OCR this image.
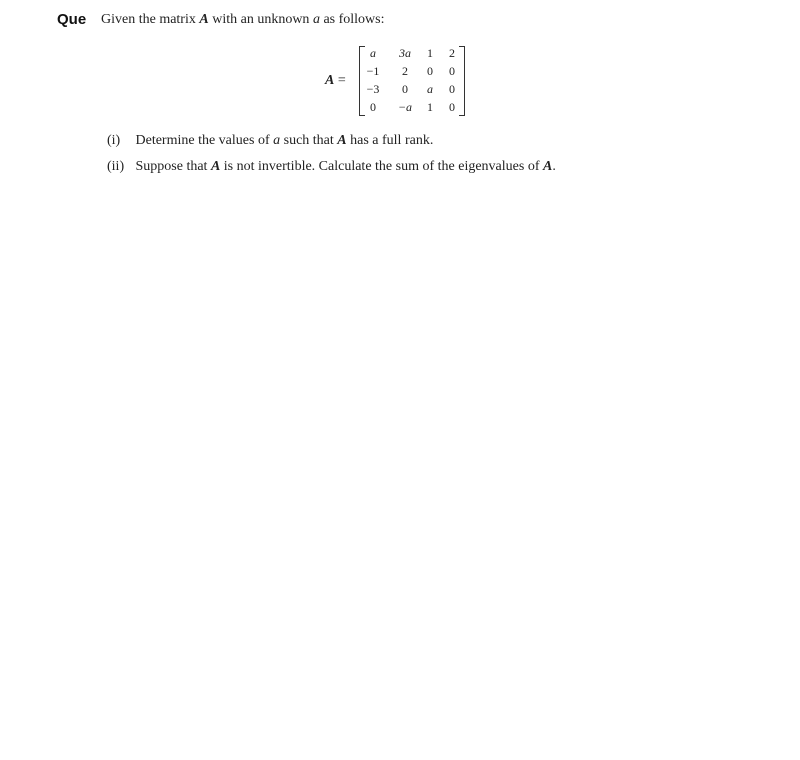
Que Given the matrix A with an unknown a as follows:
A =
a	3a	1	2
−1	2	0	0
−3	0	a	0
0	−a	1	0
(i) Determine the values of a such that A has a full rank.
(ii) Suppose that A is not invertible. Calculate the sum of the eigenvalues of A.
